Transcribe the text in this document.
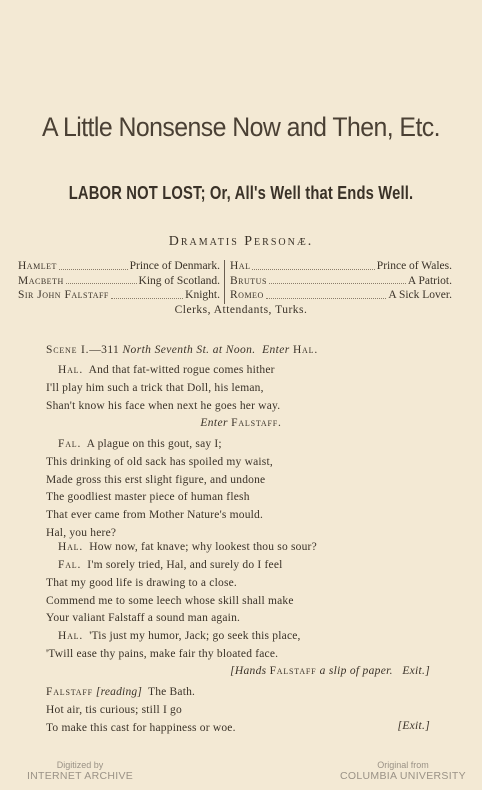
A Little Nonsense Now and Then, Etc.
LABOR NOT LOST; Or, All's Well that Ends Well.
Dramatis Personæ.
Hamlet	Prince of Denmark.
Macbeth	King of Scotland.
Sir John Falstaff	Knight.
Hal	Prince of Wales.
Brutus	A Patriot.
Romeo	A Sick Lover.
Clerks, Attendants, Turks.
Scene I.—311 North Seventh St. at Noon. Enter Hal.
Hal. And that fat-witted rogue comes hither
I'll play him such a trick that Doll, his leman,
Shan't know his face when next he goes her way.
Enter Falstaff.
Fal. A plague on this gout, say I;
This drinking of old sack has spoiled my waist,
Made gross this erst slight figure, and undone
The goodliest master piece of human flesh
That ever came from Mother Nature's mould.
Hal, you here?
Hal. How now, fat knave; why lookest thou so sour?
Fal. I'm sorely tried, Hal, and surely do I feel
That my good life is drawing to a close.
Commend me to some leech whose skill shall make
Your valiant Falstaff a sound man again.
Hal. 'Tis just my humor, Jack; go seek this place,
'Twill ease thy pains, make fair thy bloated face.
[Hands Falstaff a slip of paper. Exit.]
Falstaff [reading] The Bath.
Hot air, tis curious; still I go
To make this cast for happiness or woe.	[Exit.]
Digitized by
INTERNET ARCHIVE
Original from
COLUMBIA UNIVERSITY
